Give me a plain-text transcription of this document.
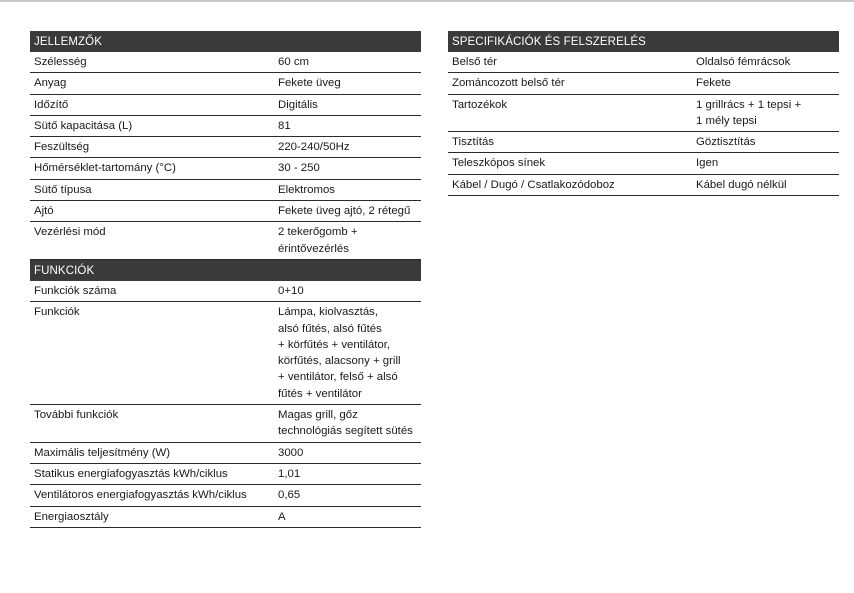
JELLEMZŐK
Szélesség	60 cm
Anyag	Fekete üveg
Időzítő	Digitális
Sütő kapacitása (L)	81
Feszültség	220-240/50Hz
Hőmérséklet-tartomány (°C)	30 - 250
Sütő típusa	Elektromos
Ajtó	Fekete üveg ajtó, 2 rétegű
Vezérlési mód	2 tekerőgomb +
érintővezérlés
FUNKCIÓK
Funkciók száma	0+10
Funkciók	Lámpa, kiolvasztás,
alsó fűtés, alsó fűtés
+ körfűtés + ventilátor,
körfűtés, alacsony + grill
+ ventilátor, felső + alsó
fűtés + ventilátor
További funkciók	Magas grill, gőz
technológiás segített sütés
Maximális teljesítmény (W)	3000
Statikus energiafogyasztás kWh/ciklus	1,01
Ventilátoros energiafogyasztás kWh/ciklus	0,65
Energiaosztály	A
SPECIFIKÁCIÓK ÉS FELSZERELÉS
Belső tér	Oldalsó fémrácsok
Zománcozott belső tér	Fekete
Tartozékok	1 grillrács + 1 tepsi +
1 mély tepsi
Tisztítás	Göztisztítás
Teleszkópos sínek	Igen
Kábel / Dugó / Csatlakozódoboz	Kábel dugó nélkül
